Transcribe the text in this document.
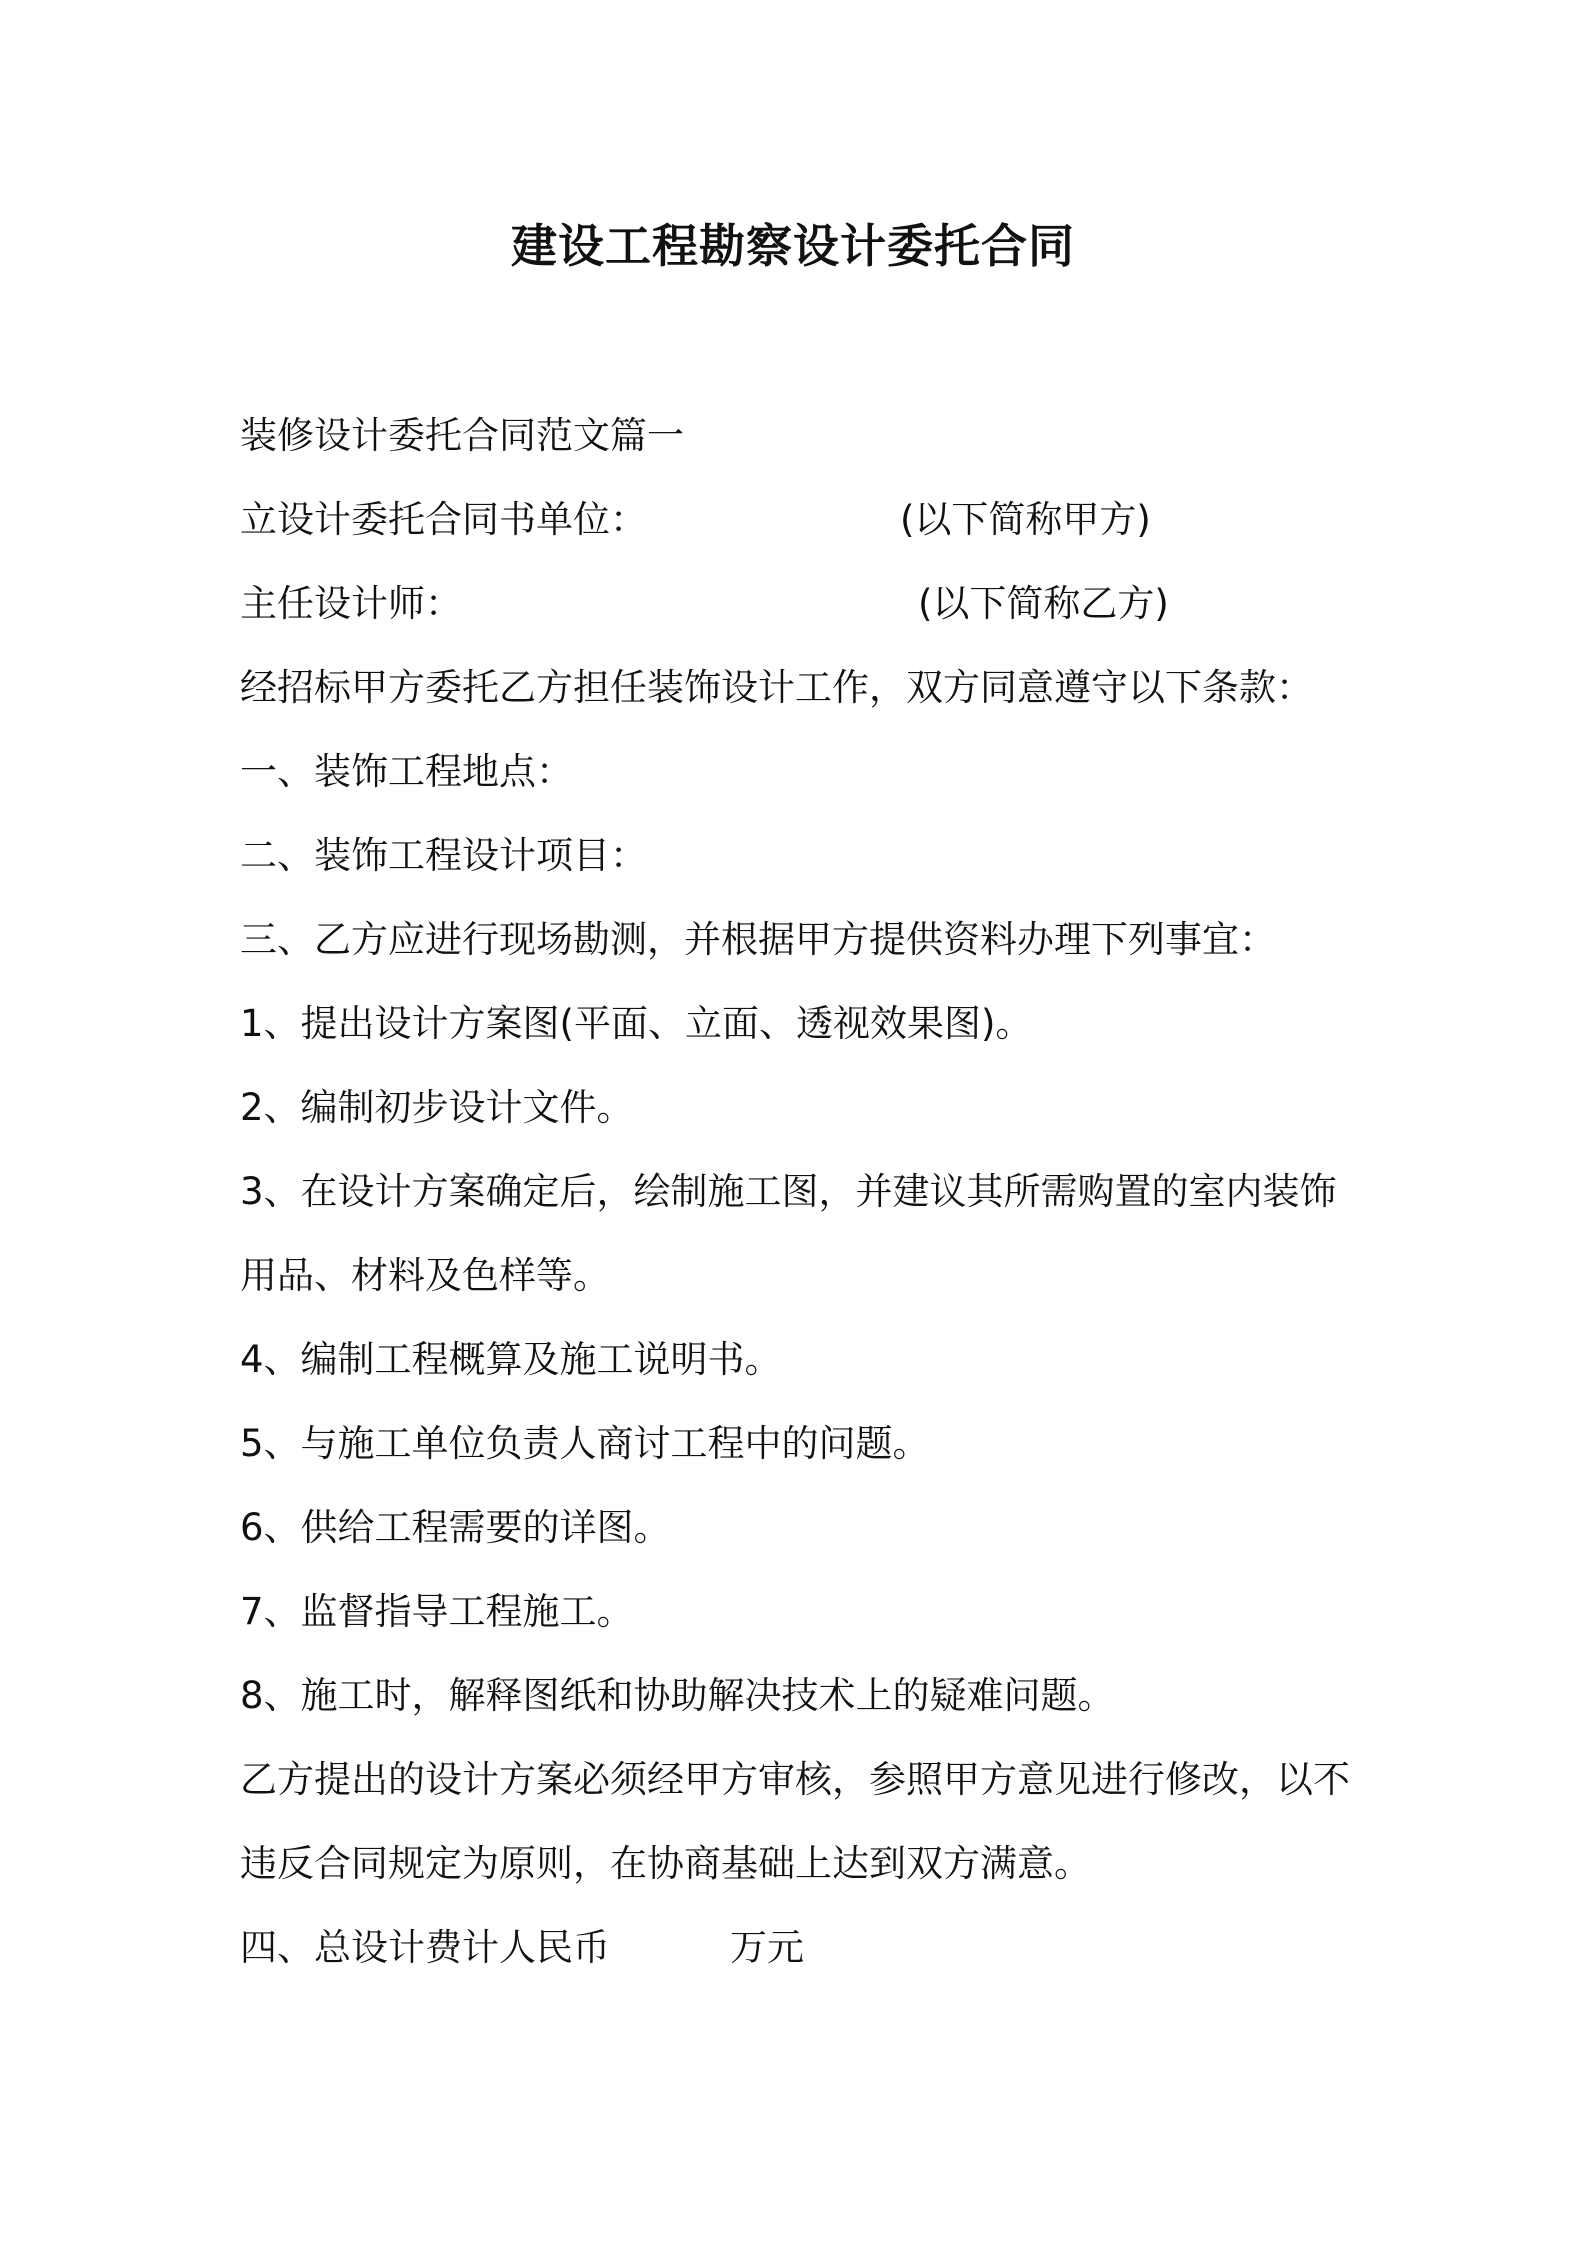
建设工程勘察设计委托合同

装修设计委托合同范文篇一

立设计委托合同书单位：	(以下简称甲方)

主任设计师：	(以下简称乙方)

经招标甲方委托乙方担任装饰设计工作，双方同意遵守以下条款：

一、装饰工程地点：

二、装饰工程设计项目：

三、乙方应进行现场勘测，并根据甲方提供资料办理下列事宜：

1、提出设计方案图(平面、立面、透视效果图)。

2、编制初步设计文件。

3、在设计方案确定后，绘制施工图，并建议其所需购置的室内装饰

用品、材料及色样等。

4、编制工程概算及施工说明书。

5、与施工单位负责人商讨工程中的问题。

6、供给工程需要的详图。

7、监督指导工程施工。

8、施工时，解释图纸和协助解决技术上的疑难问题。

乙方提出的设计方案必须经甲方审核，参照甲方意见进行修改，以不

违反合同规定为原则，在协商基础上达到双方满意。

四、总设计费计人民币	万元
